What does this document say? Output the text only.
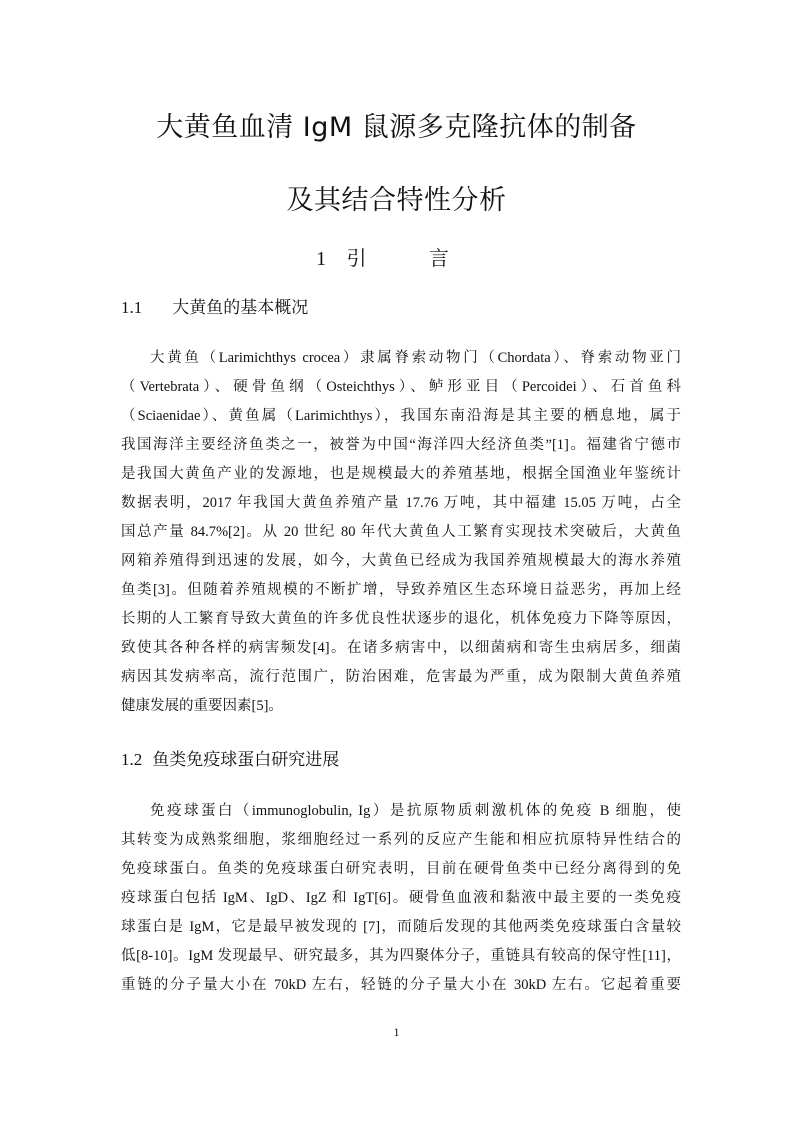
大黄鱼血清 IgM 鼠源多克隆抗体的制备
及其结合特性分析
1 引 言
1.1 大黄鱼的基本概况
大黄鱼（Larimichthys crocea）隶属脊索动物门（Chordata）、脊索动物亚门
（Vertebrata）、硬骨鱼纲（Osteichthys）、鲈形亚目（Percoidei）、石首鱼科
（Sciaenidae）、黄鱼属（Larimichthys），我国东南沿海是其主要的栖息地，属于
我国海洋主要经济鱼类之一，被誉为中国“海洋四大经济鱼类”[1]。福建省宁德市
是我国大黄鱼产业的发源地，也是规模最大的养殖基地，根据全国渔业年鉴统计
数据表明，2017 年我国大黄鱼养殖产量 17.76 万吨，其中福建 15.05 万吨，占全
国总产量 84.7%[2]。从 20 世纪 80 年代大黄鱼人工繁育实现技术突破后，大黄鱼
网箱养殖得到迅速的发展，如今，大黄鱼已经成为我国养殖规模最大的海水养殖
鱼类[3]。但随着养殖规模的不断扩增，导致养殖区生态环境日益恶劣，再加上经
长期的人工繁育导致大黄鱼的许多优良性状逐步的退化，机体免疫力下降等原因，
致使其各种各样的病害频发[4]。在诸多病害中，以细菌病和寄生虫病居多，细菌
病因其发病率高，流行范围广，防治困难，危害最为严重，成为限制大黄鱼养殖
健康发展的重要因素[5]。
1.2 鱼类免疫球蛋白研究进展
免疫球蛋白（immunoglobulin, Ig）是抗原物质刺激机体的免疫 B 细胞，使
其转变为成熟浆细胞，浆细胞经过一系列的反应产生能和相应抗原特异性结合的
免疫球蛋白。鱼类的免疫球蛋白研究表明，目前在硬骨鱼类中已经分离得到的免
疫球蛋白包括 IgM、IgD、IgZ 和 IgT[6]。硬骨鱼血液和黏液中最主要的一类免疫
球蛋白是 IgM，它是最早被发现的 [7]，而随后发现的其他两类免疫球蛋白含量较
低[8-10]。IgM 发现最早、研究最多，其为四聚体分子，重链具有较高的保守性[11]，
重链的分子量大小在 70kD 左右，轻链的分子量大小在 30kD 左右。它起着重要
1
